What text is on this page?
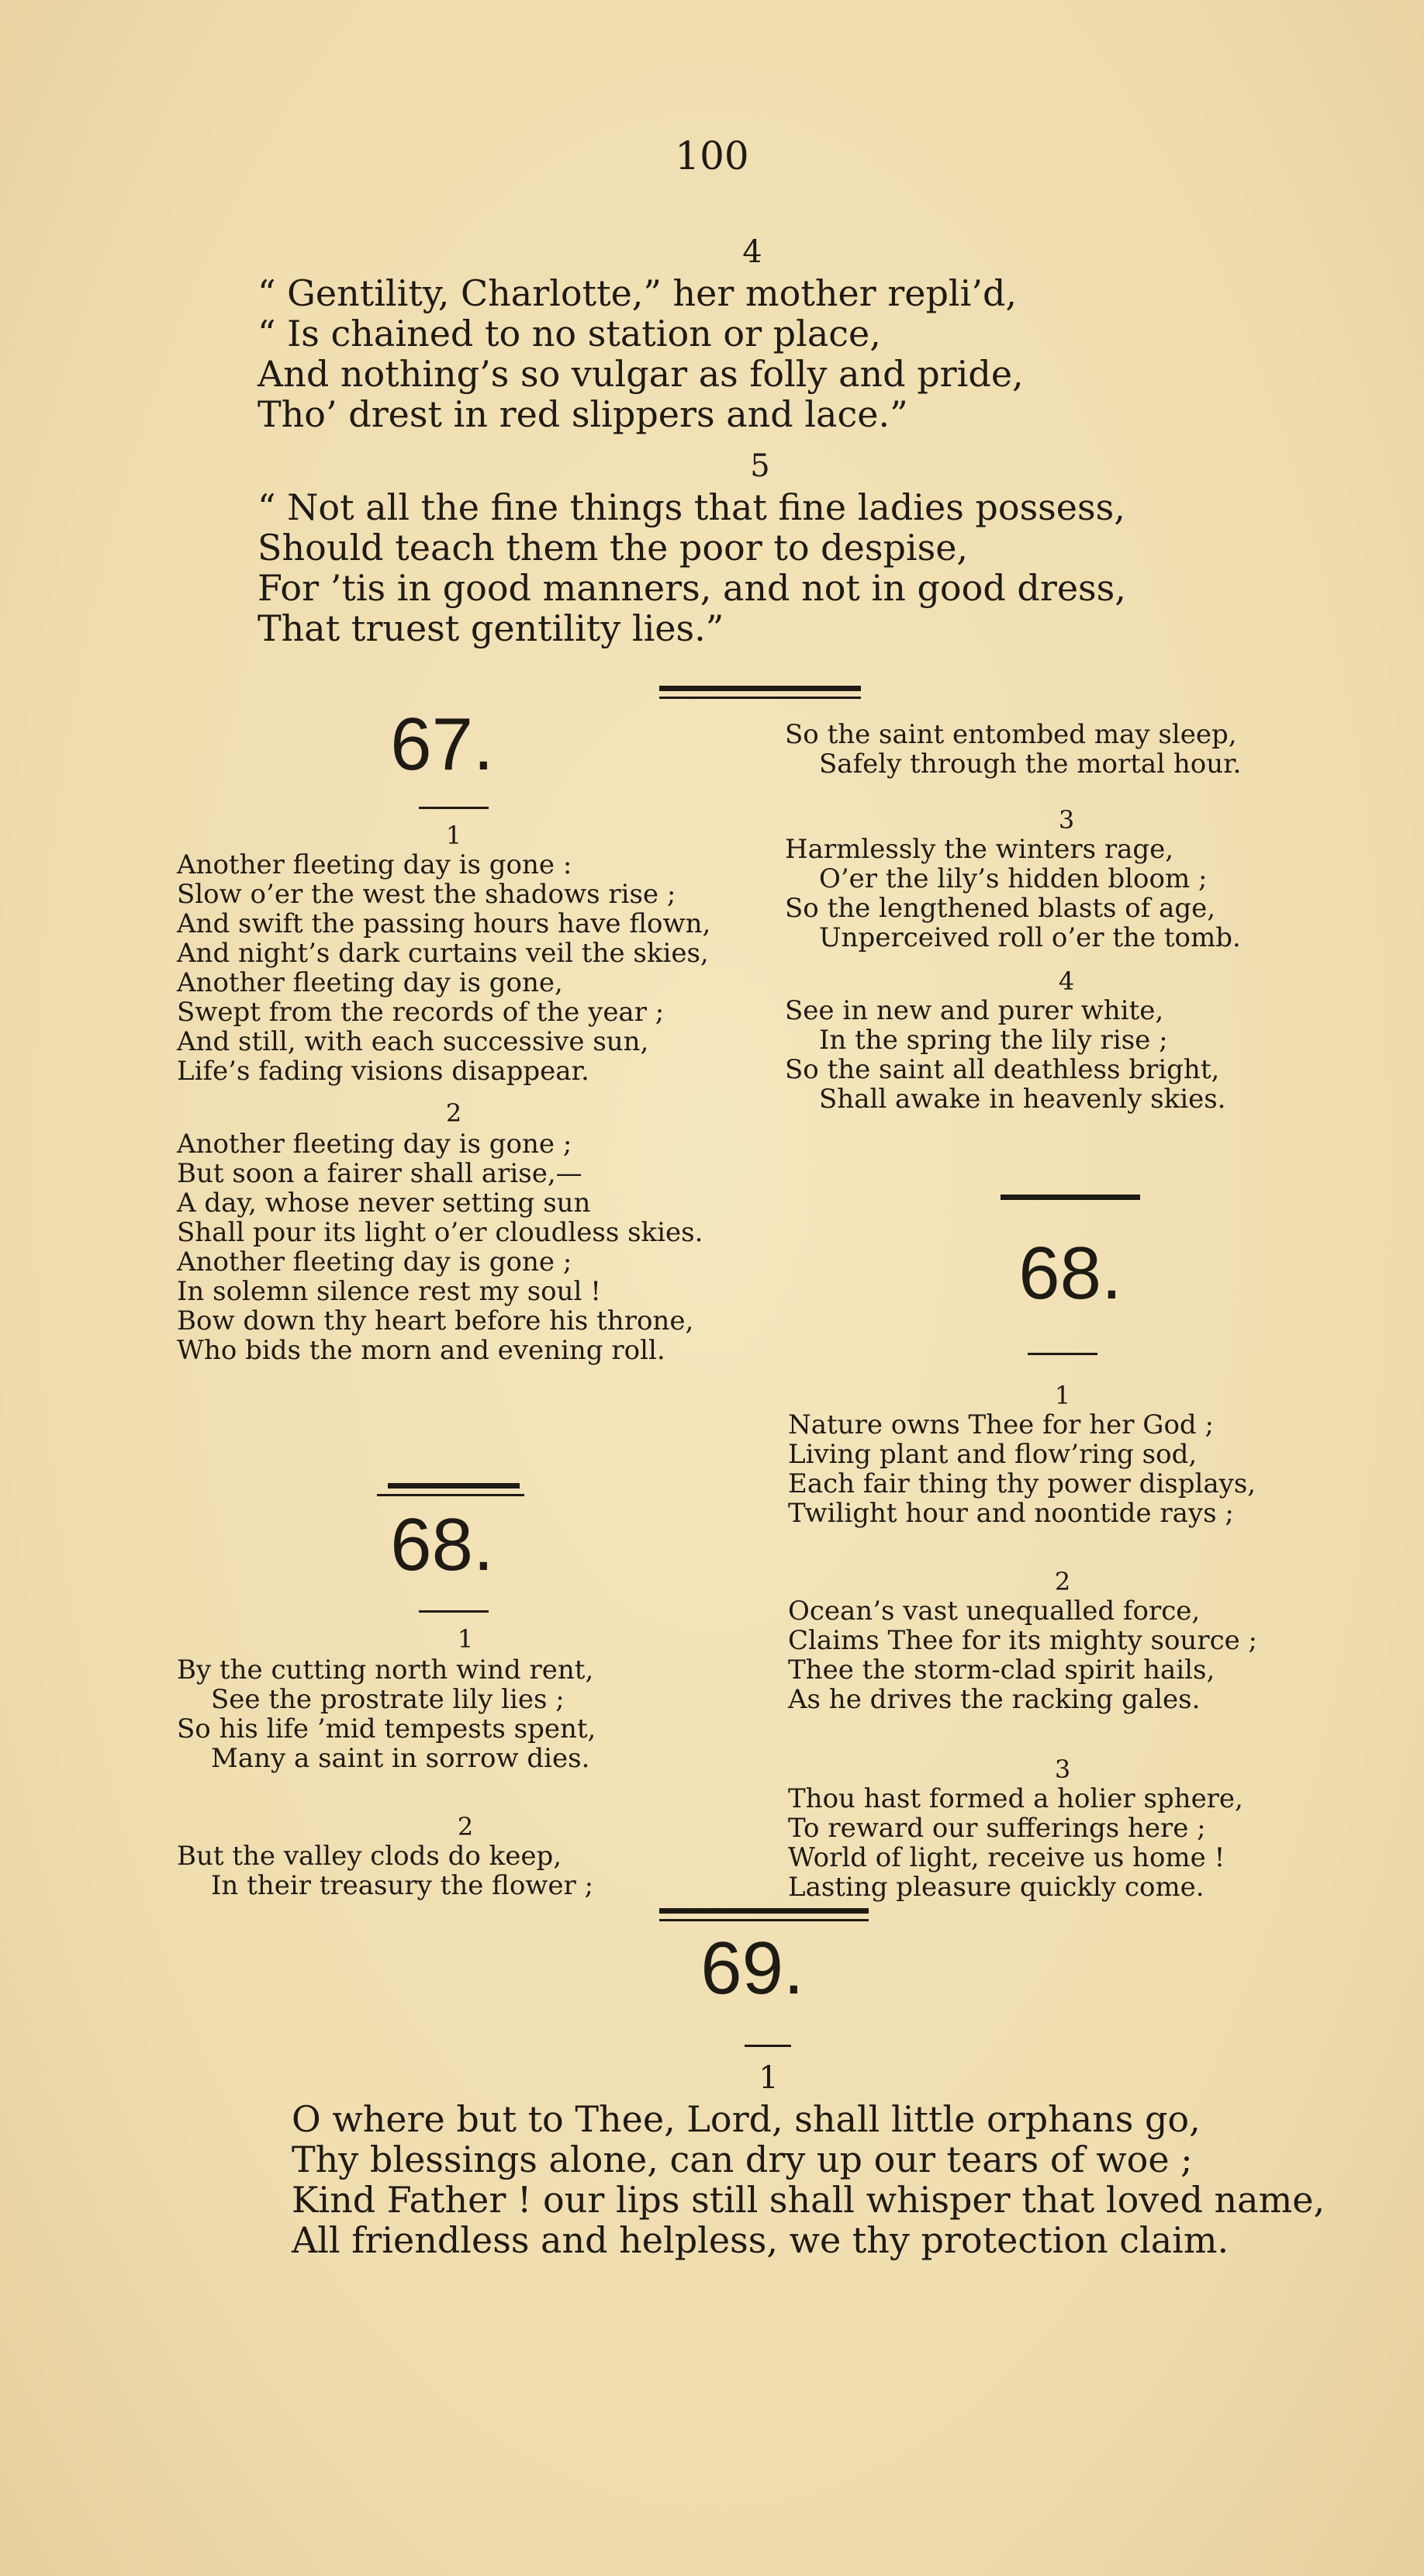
100
4
“ Gentility, Charlotte,” her mother repli’d,
“ Is chained to no station or place,
And nothing’s so vulgar as folly and pride,
Tho’ drest in red slippers and lace.”
5
“ Not all the fine things that fine ladies possess,
Should teach them the poor to despise,
For ’tis in good manners, and not in good dress,
That truest gentility lies.”
67.
1
Another fleeting day is gone :
Slow o’er the west the shadows rise ;
And swift the passing hours have flown,
And night’s dark curtains veil the skies,
Another fleeting day is gone,
Swept from the records of the year ;
And still, with each successive sun,
Life’s fading visions disappear.
2
Another fleeting day is gone ;
But soon a fairer shall arise,—
A day, whose never setting sun
Shall pour its light o’er cloudless skies.
Another fleeting day is gone ;
In solemn silence rest my soul !
Bow down thy heart before his throne,
Who bids the morn and evening roll.
68.
1
By the cutting north wind rent,
See the prostrate lily lies ;
So his life ’mid tempests spent,
Many a saint in sorrow dies.
2
But the valley clods do keep,
In their treasury the flower ;
So the saint entombed may sleep,
Safely through the mortal hour.
3
Harmlessly the winters rage,
O’er the lily’s hidden bloom ;
So the lengthened blasts of age,
Unperceived roll o’er the tomb.
4
See in new and purer white,
In the spring the lily rise ;
So the saint all deathless bright,
Shall awake in heavenly skies.
68.
1
Nature owns Thee for her God ;
Living plant and flow’ring sod,
Each fair thing thy power displays,
Twilight hour and noontide rays ;
2
Ocean’s vast unequalled force,
Claims Thee for its mighty source ;
Thee the storm-clad spirit hails,
As he drives the racking gales.
3
Thou hast formed a holier sphere,
To reward our sufferings here ;
World of light, receive us home !
Lasting pleasure quickly come.
69.
1
O where but to Thee, Lord, shall little orphans go,
Thy blessings alone, can dry up our tears of woe ;
Kind Father ! our lips still shall whisper that loved name,
All friendless and helpless, we thy protection claim.
